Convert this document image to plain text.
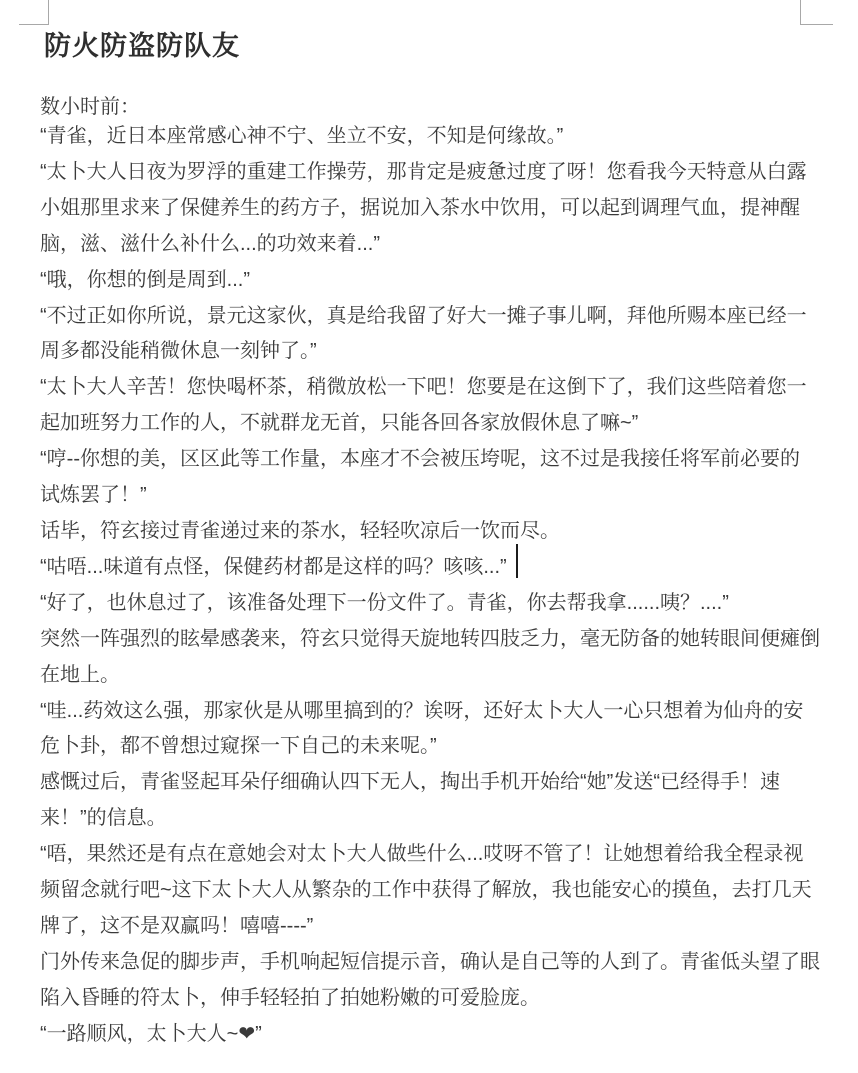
防火防盗防队友
数小时前：
“青雀，近日本座常感心神不宁、坐立不安，不知是何缘故。”
“太卜大人日夜为罗浮的重建工作操劳，那肯定是疲惫过度了呀！您看我今天特意从白露
小姐那里求来了保健养生的药方子，据说加入茶水中饮用，可以起到调理气血，提神醒
脑，滋、滋什么补什么...的功效来着...”
“哦，你想的倒是周到...”
“不过正如你所说，景元这家伙，真是给我留了好大一摊子事儿啊，拜他所赐本座已经一
周多都没能稍微休息一刻钟了。”
“太卜大人辛苦！您快喝杯茶，稍微放松一下吧！您要是在这倒下了，我们这些陪着您一
起加班努力工作的人，不就群龙无首，只能各回各家放假休息了嘛~”
“哼--你想的美，区区此等工作量，本座才不会被压垮呢，这不过是我接任将军前必要的
试炼罢了！”
话毕，符玄接过青雀递过来的茶水，轻轻吹凉后一饮而尽。
“咕唔...味道有点怪，保健药材都是这样的吗？咳咳...”
“好了，也休息过了，该准备处理下一份文件了。青雀，你去帮我拿......咦？....”
突然一阵强烈的眩晕感袭来，符玄只觉得天旋地转四肢乏力，毫无防备的她转眼间便瘫倒
在地上。
“哇...药效这么强，那家伙是从哪里搞到的？诶呀，还好太卜大人一心只想着为仙舟的安
危卜卦，都不曾想过窥探一下自己的未来呢。”
感慨过后，青雀竖起耳朵仔细确认四下无人，掏出手机开始给“她”发送“已经得手！速
来！”的信息。
“唔，果然还是有点在意她会对太卜大人做些什么...哎呀不管了！让她想着给我全程录视
频留念就行吧~这下太卜大人从繁杂的工作中获得了解放，我也能安心的摸鱼，去打几天
牌了，这不是双赢吗！嘻嘻----”
门外传来急促的脚步声，手机响起短信提示音，确认是自己等的人到了。青雀低头望了眼
陷入昏睡的符太卜，伸手轻轻拍了拍她粉嫩的可爱脸庞。
“一路顺风，太卜大人~❤”
